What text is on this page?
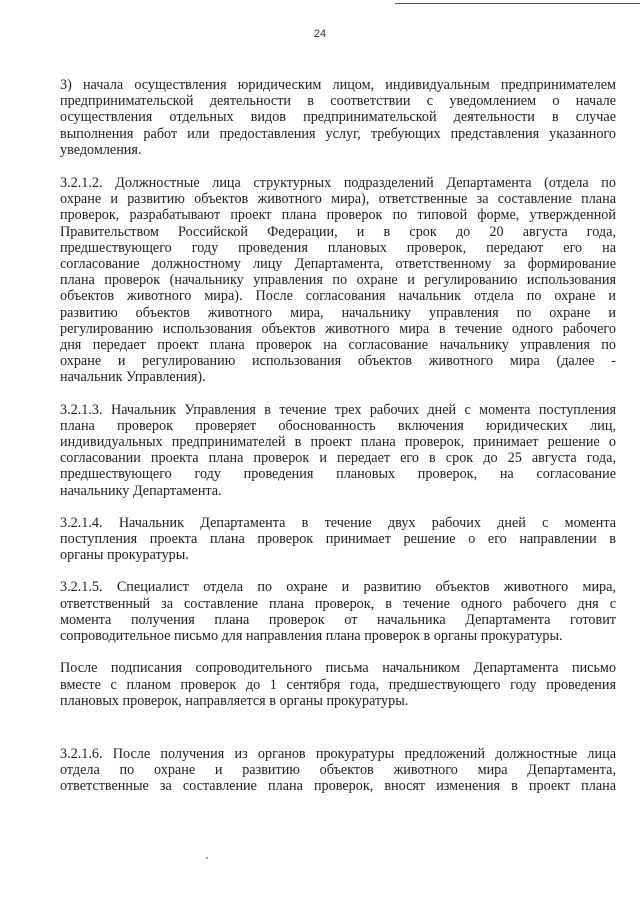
24

3) начала осуществления юридическим лицом, индивидуальным предпринимателем
предпринимательской деятельности в соответствии с уведомлением о начале
осуществления отдельных видов предпринимательской деятельности в случае
выполнения работ или предоставления услуг, требующих представления указанного
уведомления.

3.2.1.2. Должностные лица структурных подразделений Департамента (отдела по
охране и развитию объектов животного мира), ответственные за составление плана
проверок, разрабатывают проект плана проверок по типовой форме, утвержденной
Правительством Российской Федерации, и в срок до 20 августа года,
предшествующего году проведения плановых проверок, передают его на
согласование должностному лицу Департамента, ответственному за формирование
плана проверок (начальнику управления по охране и регулированию использования
объектов животного мира). После согласования начальник отдела по охране и
развитию объектов животного мира, начальнику управления по охране и
регулированию использования объектов животного мира в течение одного рабочего
дня передает проект плана проверок на согласование начальнику управления по
охране и регулированию использования объектов животного мира (далее -
начальник Управления).

3.2.1.3. Начальник Управления в течение трех рабочих дней с момента поступления
плана проверок проверяет обоснованность включения юридических лиц,
индивидуальных предпринимателей в проект плана проверок, принимает решение о
согласовании проекта плана проверок и передает его в срок до 25 августа года,
предшествующего году проведения плановых проверок, на согласование
начальнику Департамента.

3.2.1.4. Начальник Департамента в течение двух рабочих дней с момента
поступления проекта плана проверок принимает решение о его направлении в
органы прокуратуры.

3.2.1.5. Специалист отдела по охране и развитию объектов животного мира,
ответственный за составление плана проверок, в течение одного рабочего дня с
момента получения плана проверок от начальника Департамента готовит
сопроводительное письмо для направления плана проверок в органы прокуратуры.

После подписания сопроводительного письма начальником Департамента письмо
вместе с планом проверок до 1 сентября года, предшествующего году проведения
плановых проверок, направляется в органы прокуратуры.

3.2.1.6. После получения из органов прокуратуры предложений должностные лица
отдела по охране и развитию объектов животного мира Департамента,
ответственные за составление плана проверок, вносят изменения в проект плана
